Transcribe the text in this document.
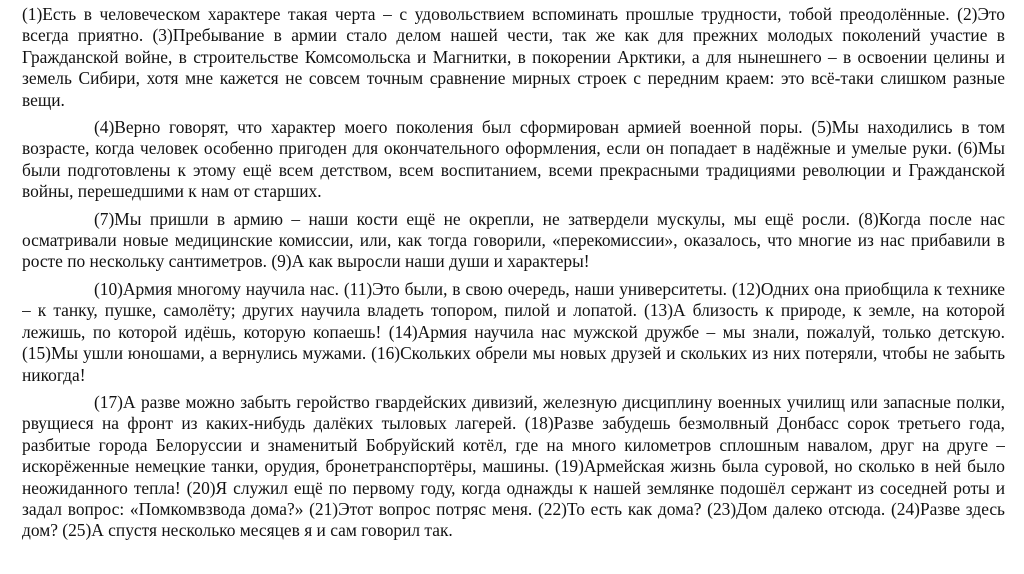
(1)Есть в человеческом характере такая черта – с удовольствием вспоминать прошлые трудности, тобой преодолённые. (2)Это всегда приятно. (3)Пребывание в армии стало делом нашей чести, так же как для прежних молодых поколений участие в Гражданской войне, в строительстве Комсомольска и Магнитки, в покорении Арктики, а для нынешнего – в освоении целины и земель Сибири, хотя мне кажется не совсем точным сравнение мирных строек с передним краем: это всё-таки слишком разные вещи.

(4)Верно говорят, что характер моего поколения был сформирован армией военной поры. (5)Мы находились в том возрасте, когда человек особенно пригоден для окончательного оформления, если он попадает в надёжные и умелые руки. (6)Мы были подготовлены к этому ещё всем детством, всем воспитанием, всеми прекрасными традициями революции и Гражданской войны, перешедшими к нам от старших.

(7)Мы пришли в армию – наши кости ещё не окрепли, не затвердели мускулы, мы ещё росли. (8)Когда после нас осматривали новые медицинские комиссии, или, как тогда говорили, «перекомиссии», оказалось, что многие из нас прибавили в росте по нескольку сантиметров. (9)А как выросли наши души и характеры!

(10)Армия многому научила нас. (11)Это были, в свою очередь, наши университеты. (12)Одних она приобщила к технике – к танку, пушке, самолёту; других научила владеть топором, пилой и лопатой. (13)А близость к природе, к земле, на которой лежишь, по которой идёшь, которую копаешь! (14)Армия научила нас мужской дружбе – мы знали, пожалуй, только детскую. (15)Мы ушли юношами, а вернулись мужами. (16)Скольких обрели мы новых друзей и скольких из них потеряли, чтобы не забыть никогда!

(17)А разве можно забыть геройство гвардейских дивизий, железную дисциплину военных училищ или запасные полки, рвущиеся на фронт из каких-нибудь далёких тыловых лагерей. (18)Разве забудешь безмолвный Донбасс сорок третьего года, разбитые города Белоруссии и знаменитый Бобруйский котёл, где на много километров сплошным навалом, друг на друге – искорёженные немецкие танки, орудия, бронетранспортёры, машины. (19)Армейская жизнь была суровой, но сколько в ней было неожиданного тепла! (20)Я служил ещё по первому году, когда однажды к нашей землянке подошёл сержант из соседней роты и задал вопрос: «Помкомвзвода дома?» (21)Этот вопрос потряс меня. (22)То есть как дома? (23)Дом далеко отсюда. (24)Разве здесь дом? (25)А спустя несколько месяцев я и сам говорил так.
